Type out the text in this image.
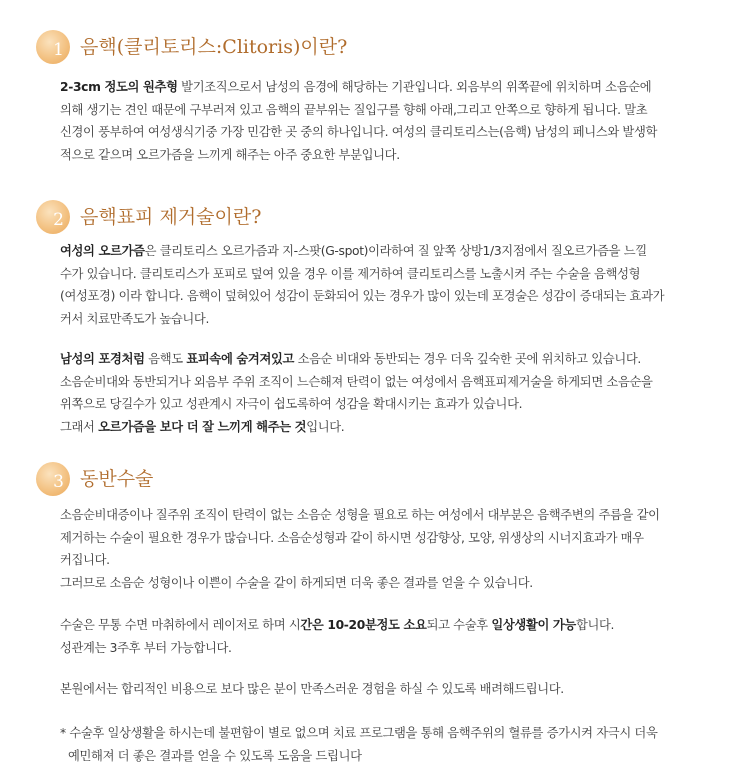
1 음핵(클리토리스:Clitoris)이란?

2-3cm 정도의 원추형 발기조직으로서 남성의 음경에 해당하는 기관입니다. 외음부의 위쪽끝에 위치하며 소음순에
의해 생기는 견인 때문에 구부러져 있고 음핵의 끝부위는 질입구를 향해 아래,그리고 안쪽으로 향하게 됩니다. 말초
신경이 풍부하여 여성생식기중 가장 민감한 곳 중의 하나입니다. 여성의 클리토리스는(음핵) 남성의 페니스와 발생학
적으로 같으며 오르가즘을 느끼게 해주는 아주 중요한 부분입니다.

2 음핵표피 제거술이란?

여성의 오르가즘은 클리토리스 오르가즘과 지-스팟(G-spot)이라하여 질 앞쪽 상방1/3지점에서 질오르가즘을 느낄
수가 있습니다. 클리토리스가 포피로 덮여 있을 경우 이를 제거하여 클리토리스를 노출시켜 주는 수술을 음핵성형
(여성포경) 이라 합니다. 음핵이 덮혀있어 성감이 둔화되어 있는 경우가 많이 있는데 포경술은 성감이 증대되는 효과가
커서 치료만족도가 높습니다.

남성의 포경처럼 음핵도 표피속에 숨겨져있고 소음순 비대와 동반되는 경우 더욱 깊숙한 곳에 위치하고 있습니다.
소음순비대와 동반되거나 외음부 주위 조직이 느슨해져 탄력이 없는 여성에서 음핵표피제거술을 하게되면 소음순을
위쪽으로 당길수가 있고 성관계시 자극이 쉽도록하여 성감을 확대시키는 효과가 있습니다.
그래서 오르가즘을 보다 더 잘 느끼게 해주는 것입니다.

3 동반수술

소음순비대증이나 질주위 조직이 탄력이 없는 소음순 성형을 필요로 하는 여성에서 대부분은 음핵주변의 주름을 같이
제거하는 수술이 필요한 경우가 많습니다. 소음순성형과 같이 하시면 성감향상, 모양, 위생상의 시너지효과가 매우
커집니다.
그러므로 소음순 성형이나 이쁜이 수술을 같이 하게되면 더욱 좋은 결과를 얻을 수 있습니다.

수술은 무통 수면 마취하에서 레이저로 하며 시간은 10-20분정도 소요되고 수술후 일상생활이 가능합니다.
성관계는 3주후 부터 가능합니다.

본원에서는 합리적인 비용으로 보다 많은 분이 만족스러운 경험을 하실 수 있도록 배려해드립니다.

* 수술후 일상생활을 하시는데 불편함이 별로 없으며 치료 프로그램을 통해 음핵주위의 혈류를 증가시켜 자극시 더욱
예민해져 더 좋은 결과를 얻을 수 있도록 도움을 드립니다
